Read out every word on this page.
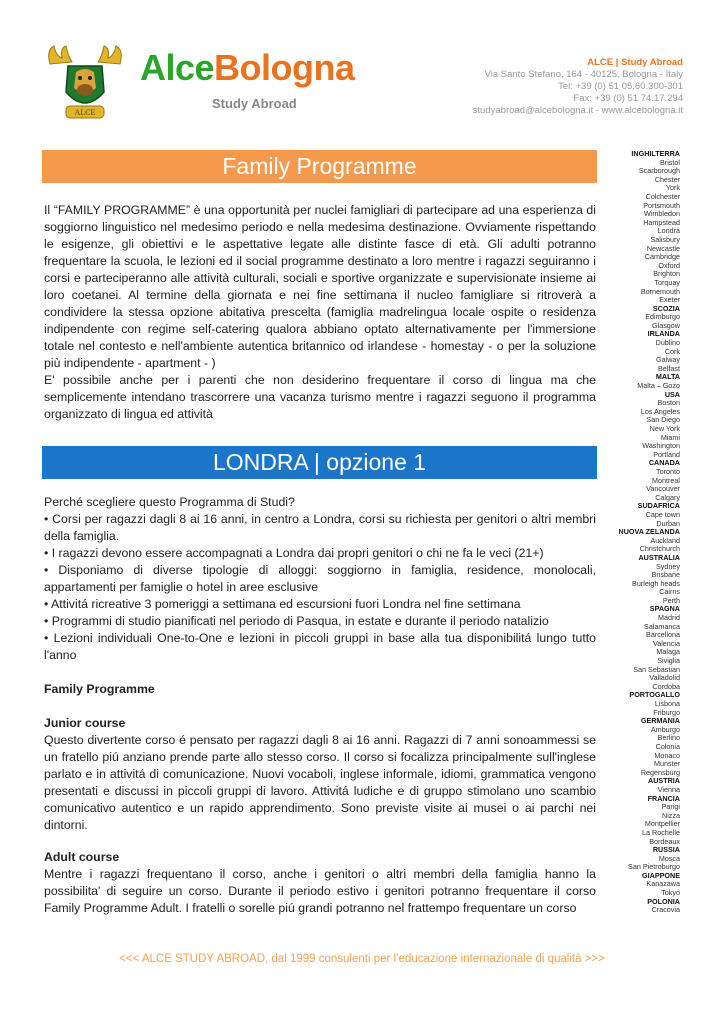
ALCE
AlceBologna
Study Abroad
ALCE | Study Abroad
Via Santo Stefano, 164 - 40125, Bologna - Italy
Tel: +39 (0) 51 05.60.300-301
Fax: +39 (0) 51 74.17.294
studyabroad@alcebologna.it - www.alcebologna.it
Family Programme
LONDRA | opzione 1

Il “FAMILY PROGRAMME” è una opportunità per nuclei famigliari di partecipare ad una esperienza di soggiorno linguistico nel medesimo periodo e nella medesima destinazione. Ovviamente rispettando le esigenze, gli obiettivi e le aspettative legate alle distinte fasce di età. Gli adulti potranno frequentare la scuola, le lezioni ed il social programme destinato a loro mentre i ragazzi seguiranno i corsi e parteciperanno alle attività culturali, sociali e sportive organizzate e supervisionate insieme ai loro coetanei. Al termine della giornata e nei fine settimana il nucleo famigliare si ritroverà a condividere la stessa opzione abitativa prescelta (famiglia madrelingua locale ospite o residenza indipendente con regime self-catering qualora abbiano optato alternativamente per l'immersione totale nel contesto e nell'ambiente autentica britannico od irlandese - homestay - o per la soluzione più indipendente - apartment - )

E' possibile anche per i parenti che non desiderino frequentare il corso di lingua ma che semplicemente intendano trascorrere una vacanza turismo mentre i ragazzi seguono il programma organizzato di lingua ed attività

Perché scegliere questo Programma di Studi?

• Corsi per ragazzi dagli 8 ai 16 anni, in centro a Londra, corsi su richiesta per genitori o altri membri della famiglia.

• I ragazzi devono essere accompagnati a Londra dai propri genitori o chi ne fa le veci (21+)

• Disponiamo di diverse tipologie di alloggi: soggiorno in famiglia, residence, monolocali, appartamenti per famiglie o hotel in aree esclusive

• Attivitá ricreative 3 pomeriggi a settimana ed escursioni fuori Londra nel fine settimana

• Programmi di studio pianificati nel periodo di Pasqua, in estate e durante il periodo natalizio

• Lezioni individuali One-to-One e lezioni in piccoli gruppi in base alla tua disponibilitá lungo tutto l'anno

Family Programme

Junior course

Questo divertente corso é pensato per ragazzi dagli 8 ai 16 anni. Ragazzi di 7 anni sonoammessi se un fratello piú anziano prende parte allo stesso corso. Il corso si focalizza principalmente sull'inglese parlato e in attivitá di comunicazione. Nuovi vocaboli, inglese informale, idiomi, grammatica vengono presentati e discussi in piccoli gruppi di lavoro. Attivitá ludiche e di gruppo stimolano uno scambio comunicativo autentico e un rapido apprendimento. Sono previste visite ai musei o ai parchi nei dintorni.

Adult course

Mentre i ragazzi frequentano il corso, anche i genitori o altri membri della famiglia hanno la possibilita' di seguire un corso. Durante il periodo estivo i genitori potranno frequentare il corso Family Programme Adult. I fratelli o sorelle piú grandi potranno nel frattempo frequentare un corso

INGHILTERRA
Bristol
Scarborough
Chester
York
Colchester
Portsmouth
Wimbledon
Hampstead
Londra
Salisbury
Newcastle
Cambridge
Oxford
Brighton
Torquay
Bornemouth
Exeter
SCOZIA
Edimburgo
Glasgow
IRLANDA
Dublino
Cork
Galway
Belfast
MALTA
Malta – Gozo
USA
Boston
Los Angeles
San Diego
New York
Miami
Washington
Portland
CANADA
Toronto
Montreal
Vancouver
Calgary
SUDAFRICA
Cape town
Durban
NUOVA ZELANDA
Auckland
Christchurch
AUSTRALIA
Sydney
Brisbane
Burleigh heads
Cairns
Perth
SPAGNA
Madrid
Salamanca
Barcellona
Valencia
Malaga
Siviglia
San Sebastian
Valladolid
Cordoba
PORTOGALLO
Lisbona
Friburgo
GERMANIA
Amburgo
Berlino
Colonia
Monaco
Munster
Regensburg
AUSTRIA
Vienna
FRANCIA
Parigi
Nizza
Montpellier
La Rochelle
Bordeaux
RUSSIA
Mosca
San Pietroburgo
GIAPPONE
Kanazawa
Tokyo
POLONIA
Cracovia
<<< ALCE STUDY ABROAD, dal 1999 consulenti per l’educazione internazionale di qualità >>>
